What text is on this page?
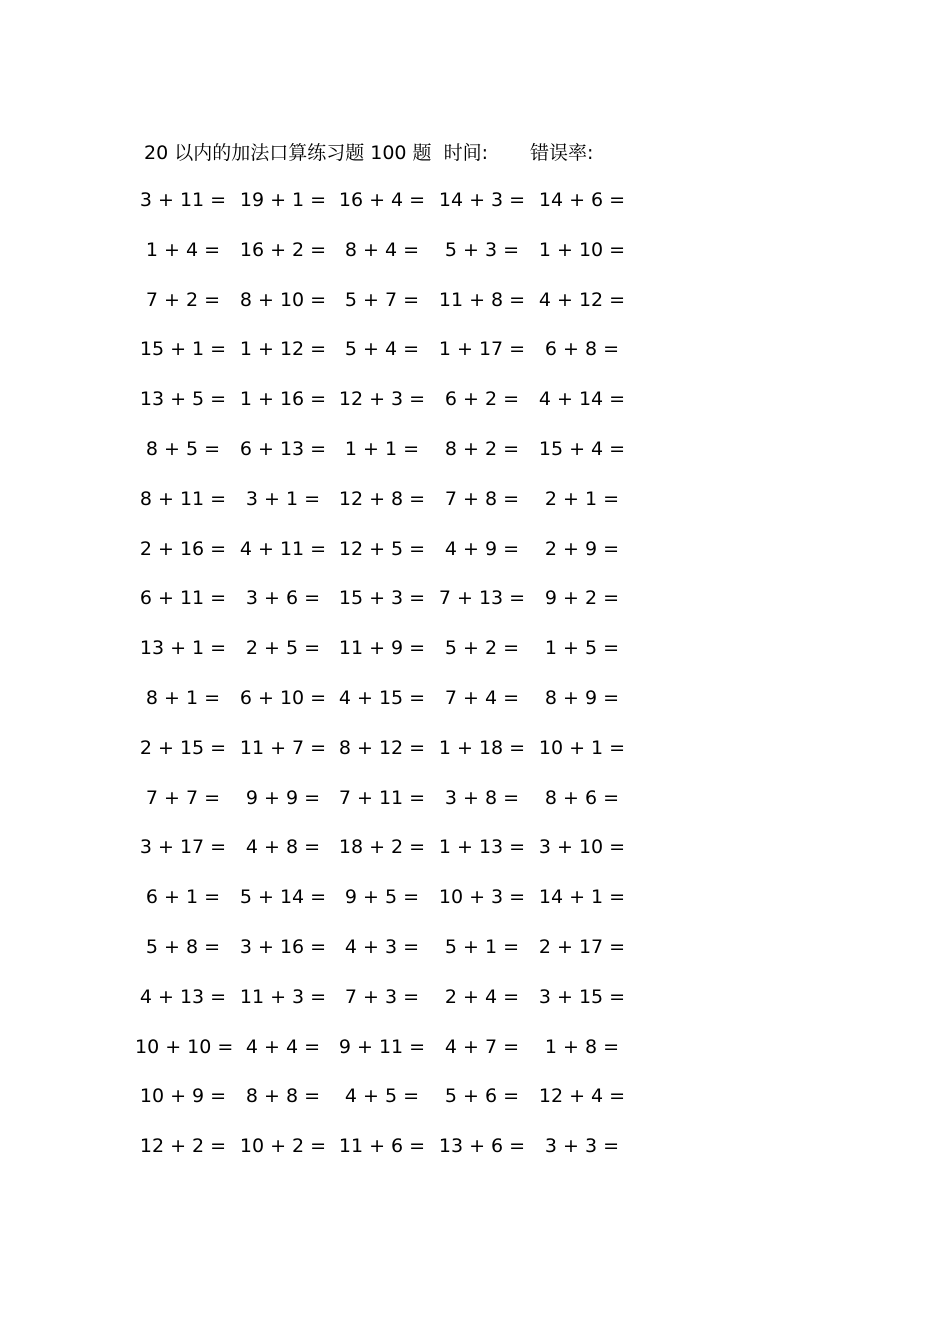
20 以内的加法口算练习题 100 题 时间: 错误率:
3 + 11 = 19 + 1 = 16 + 4 = 14 + 3 = 14 + 6 =
1 + 4 =	16 + 2 = 8 + 4 =	5 + 3 =	1 + 10 =
7 + 2 =	8 + 10 = 5 + 7 =	11 + 8 = 4 + 12 =
15 + 1 = 1 + 12 = 5 + 4 =	1 + 17 =	6 + 8 =
13 + 5 = 1 + 16 = 12 + 3 =	6 + 2 =	4 + 14 =
8 + 5 =	6 + 13 = 1 + 1 =	8 + 2 =	15 + 4 =
8 + 11 =	3 + 1 = 12 + 8 =	7 + 8 =	2 + 1 =
2 + 16 = 4 + 11 = 12 + 5 =	4 + 9 =	2 + 9 =
6 + 11 =	3 + 6 = 15 + 3 = 7 + 13 =	9 + 2 =
13 + 1 =	2 + 5 = 11 + 9 =	5 + 2 =	1 + 5 =
8 + 1 =	6 + 10 = 4 + 15 =	7 + 4 =	8 + 9 =
2 + 15 = 11 + 7 = 8 + 12 = 1 + 18 = 10 + 1 =
7 + 7 =	9 + 9 = 7 + 11 =	3 + 8 =	8 + 6 =
3 + 17 =	4 + 8 = 18 + 2 = 1 + 13 = 3 + 10 =
6 + 1 =	5 + 14 = 9 + 5 =	10 + 3 = 14 + 1 =
5 + 8 =	3 + 16 = 4 + 3 =	5 + 1 =	2 + 17 =
4 + 13 = 11 + 3 = 7 + 3 =	2 + 4 =	3 + 15 =
10 + 10 = 4 + 4 = 9 + 11 =	4 + 7 =	1 + 8 =
10 + 9 =	8 + 8 =	4 + 5 =	5 + 6 =	12 + 4 =
12 + 2 = 10 + 2 = 11 + 6 = 13 + 6 =	3 + 3 =
